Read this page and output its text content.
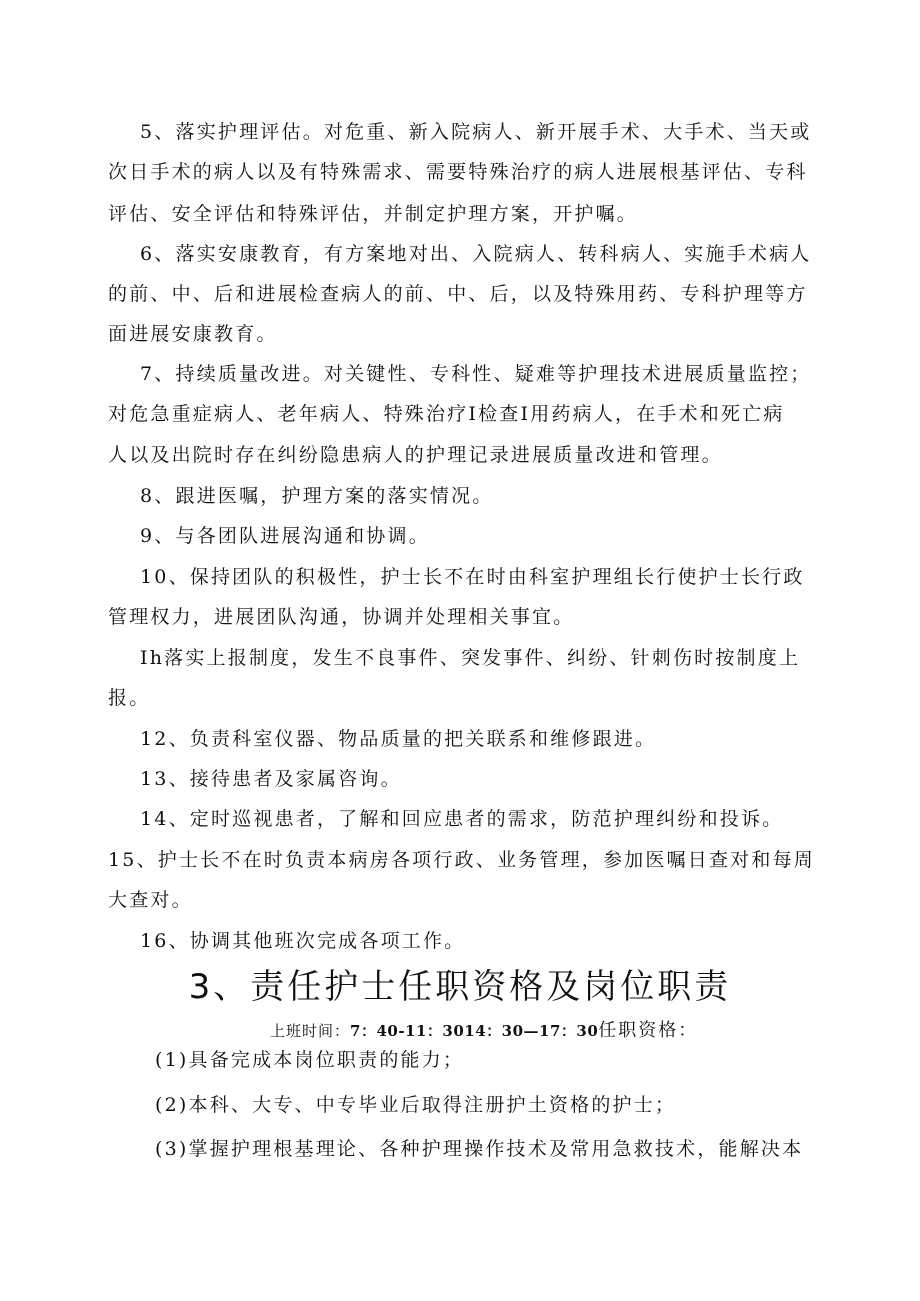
5、落实护理评估。对危重、新入院病人、新开展手术、大手术、当天或
次日手术的病人以及有特殊需求、需要特殊治疗的病人进展根基评估、专科
评估、安全评估和特殊评估，并制定护理方案，开护嘱。
6、落实安康教育，有方案地对出、入院病人、转科病人、实施手术病人
的前、中、后和进展检查病人的前、中、后，以及特殊用药、专科护理等方
面进展安康教育。
7、持续质量改进。对关键性、专科性、疑难等护理技术进展质量监控；
对危急重症病人、老年病人、特殊治疗I检查I用药病人，在手术和死亡病
人以及出院时存在纠纷隐患病人的护理记录进展质量改进和管理。
8、跟进医嘱，护理方案的落实情况。
9、与各团队进展沟通和协调。
10、保持团队的积极性，护士长不在时由科室护理组长行使护士长行政
管理权力，进展团队沟通，协调并处理相关事宜。
Ih落实上报制度，发生不良事件、突发事件、纠纷、针刺伤时按制度上
报。
12、负责科室仪器、物品质量的把关联系和维修跟进。
13、接待患者及家属咨询。
14、定时巡视患者，了解和回应患者的需求，防范护理纠纷和投诉。
15、护士长不在时负责本病房各项行政、业务管理，参加医嘱日查对和每周
大查对。
16、协调其他班次完成各项工作。
3、责任护士任职资格及岗位职责
上班时间：7：40-11：3014：30—17：30任职资格：
(1)具备完成本岗位职责的能力；
(2)本科、大专、中专毕业后取得注册护土资格的护士；
(3)掌握护理根基理论、各种护理操作技术及常用急救技术，能解决本
